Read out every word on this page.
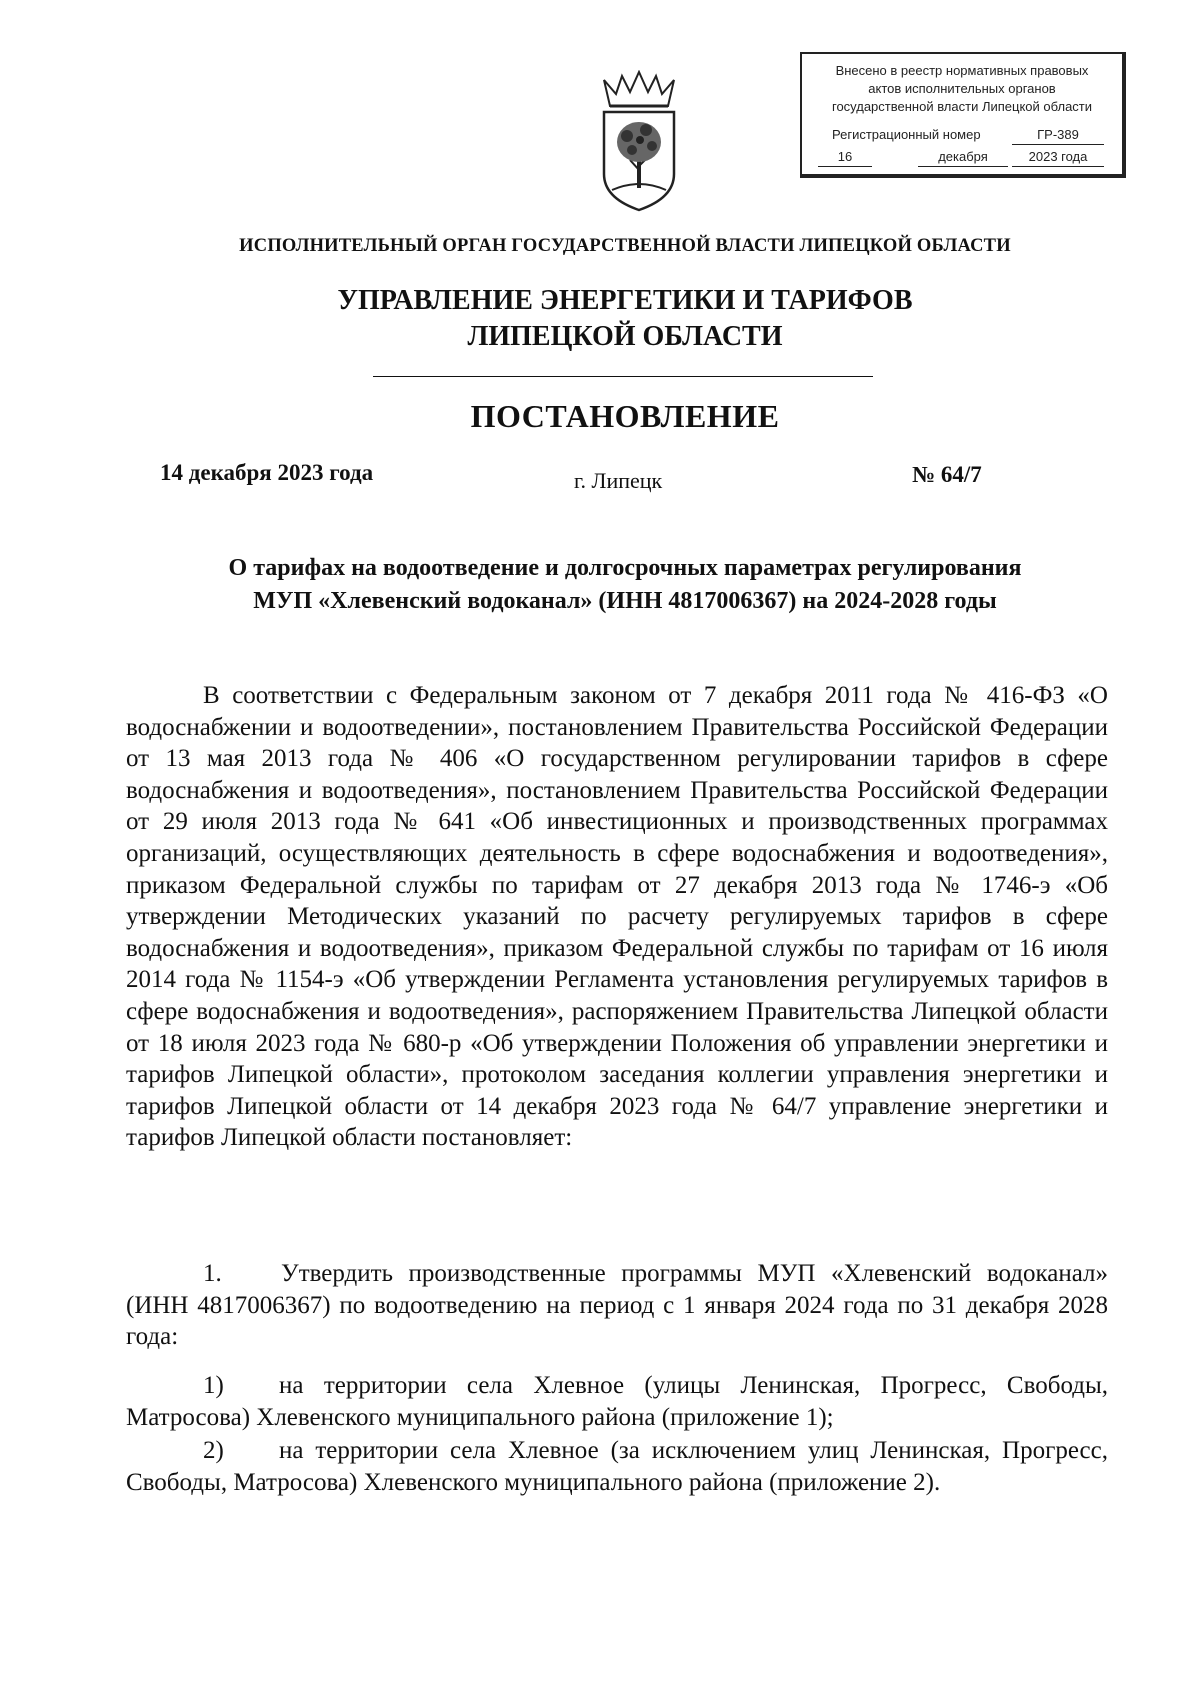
Внесено в реестр нормативных правовых
актов исполнительных органов
государственной власти Липецкой области
Регистрационный номер	ГР-389
16	декабря	2023 года
ИСПОЛНИТЕЛЬНЫЙ ОРГАН ГОСУДАРСТВЕННОЙ ВЛАСТИ ЛИПЕЦКОЙ ОБЛАСТИ
УПРАВЛЕНИЕ ЭНЕРГЕТИКИ И ТАРИФОВ
ЛИПЕЦКОЙ ОБЛАСТИ
ПОСТАНОВЛЕНИЕ
14 декабря 2023 года	г. Липецк	№ 64/7
О тарифах на водоотведение и долгосрочных параметрах регулирования
МУП «Хлевенский водоканал» (ИНН 4817006367) на 2024-2028 годы
В соответствии с Федеральным законом от 7 декабря 2011 года № 416-ФЗ «О водоснабжении и водоотведении», постановлением Правительства Российской Федерации от 13 мая 2013 года № 406 «О государственном регулировании тарифов в сфере водоснабжения и водоотведения», постановлением Правительства Российской Федерации от 29 июля 2013 года № 641 «Об инвестиционных и производственных программах организаций, осуществляющих деятельность в сфере водоснабжения и водоотведения», приказом Федеральной службы по тарифам от 27 декабря 2013 года № 1746-э «Об утверждении Методических указаний по расчету регулируемых тарифов в сфере водоснабжения и водоотведения», приказом Федеральной службы по тарифам от 16 июля 2014 года № 1154-э «Об утверждении Регламента установления регулируемых тарифов в сфере водоснабжения и водоотведения», распоряжением Правительства Липецкой области от 18 июля 2023 года № 680-р «Об утверждении Положения об управлении энергетики и тарифов Липецкой области», протоколом заседания коллегии управления энергетики и тарифов Липецкой области от 14 декабря 2023 года № 64/7 управление энергетики и тарифов Липецкой области постановляет:
1. Утвердить производственные программы МУП «Хлевенский водоканал» (ИНН 4817006367) по водоотведению на период с 1 января 2024 года по 31 декабря 2028 года:
1) на территории села Хлевное (улицы Ленинская, Прогресс, Свободы, Матросова) Хлевенского муниципального района (приложение 1);
2) на территории села Хлевное (за исключением улиц Ленинская, Прогресс, Свободы, Матросова) Хлевенского муниципального района (приложение 2).
